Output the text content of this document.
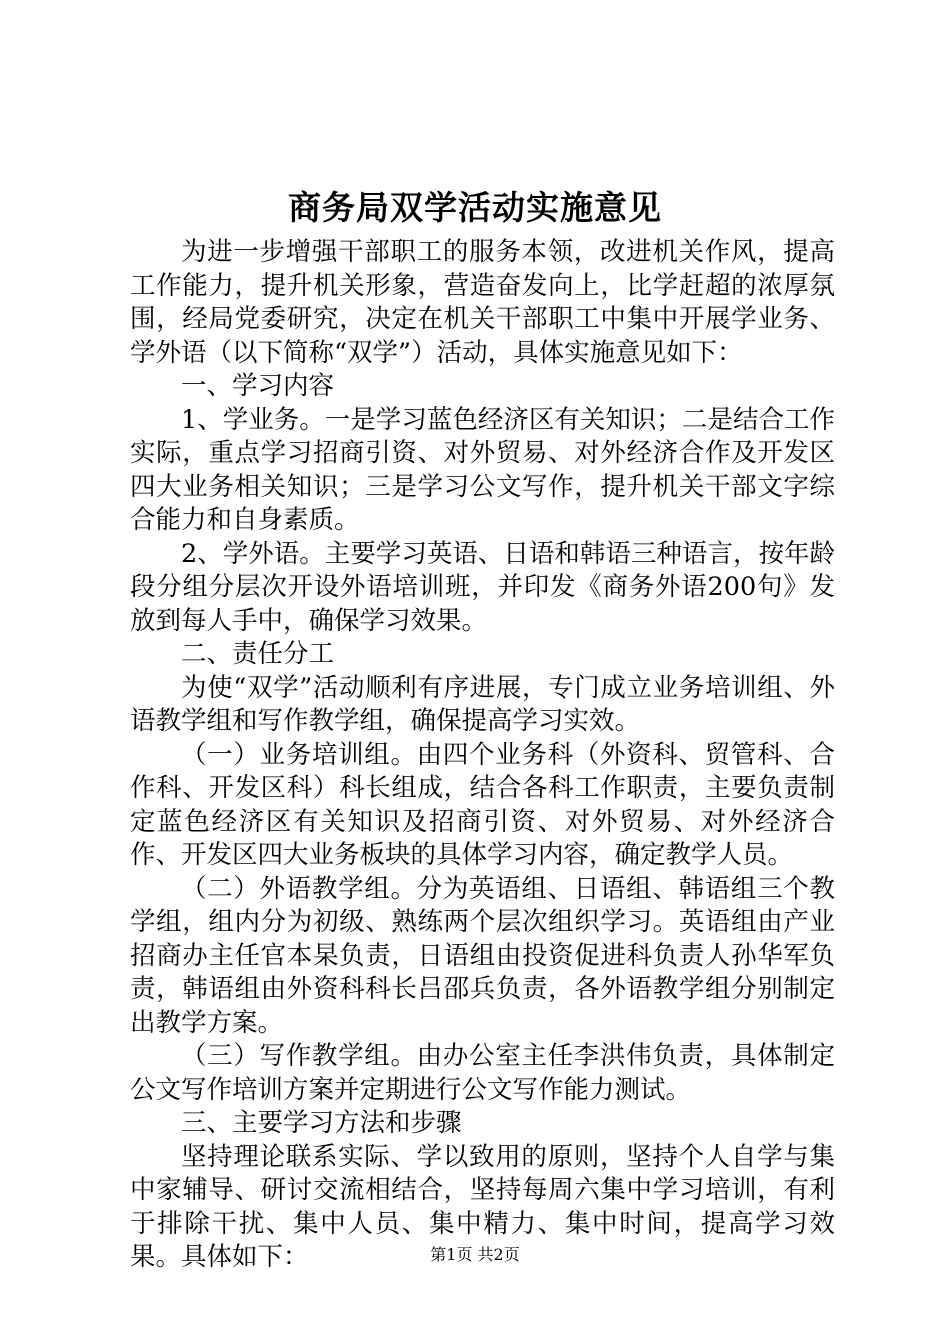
商务局双学活动实施意见

为进一步增强干部职工的服务本领，改进机关作风，提高工作能力，提升机关形象，营造奋发向上，比学赶超的浓厚氛围，经局党委研究，决定在机关干部职工中集中开展学业务、学外语（以下简称“双学”）活动，具体实施意见如下：

一、学习内容

1、学业务。一是学习蓝色经济区有关知识；二是结合工作实际，重点学习招商引资、对外贸易、对外经济合作及开发区四大业务相关知识；三是学习公文写作，提升机关干部文字综合能力和自身素质。

2、学外语。主要学习英语、日语和韩语三种语言，按年龄段分组分层次开设外语培训班，并印发《商务外语200句》发放到每人手中，确保学习效果。

二、责任分工

为使“双学”活动顺利有序进展，专门成立业务培训组、外语教学组和写作教学组，确保提高学习实效。

（一）业务培训组。由四个业务科（外资科、贸管科、合作科、开发区科）科长组成，结合各科工作职责，主要负责制定蓝色经济区有关知识及招商引资、对外贸易、对外经济合作、开发区四大业务板块的具体学习内容，确定教学人员。

（二）外语教学组。分为英语组、日语组、韩语组三个教学组，组内分为初级、熟练两个层次组织学习。英语组由产业招商办主任官本杲负责，日语组由投资促进科负责人孙华军负责，韩语组由外资科科长吕邵兵负责，各外语教学组分别制定出教学方案。

（三）写作教学组。由办公室主任李洪伟负责，具体制定公文写作培训方案并定期进行公文写作能力测试。

三、主要学习方法和步骤

坚持理论联系实际、学以致用的原则，坚持个人自学与集中家辅导、研讨交流相结合，坚持每周六集中学习培训，有利于排除干扰、集中人员、集中精力、集中时间，提高学习效果。具体如下：	第1页 共2页
